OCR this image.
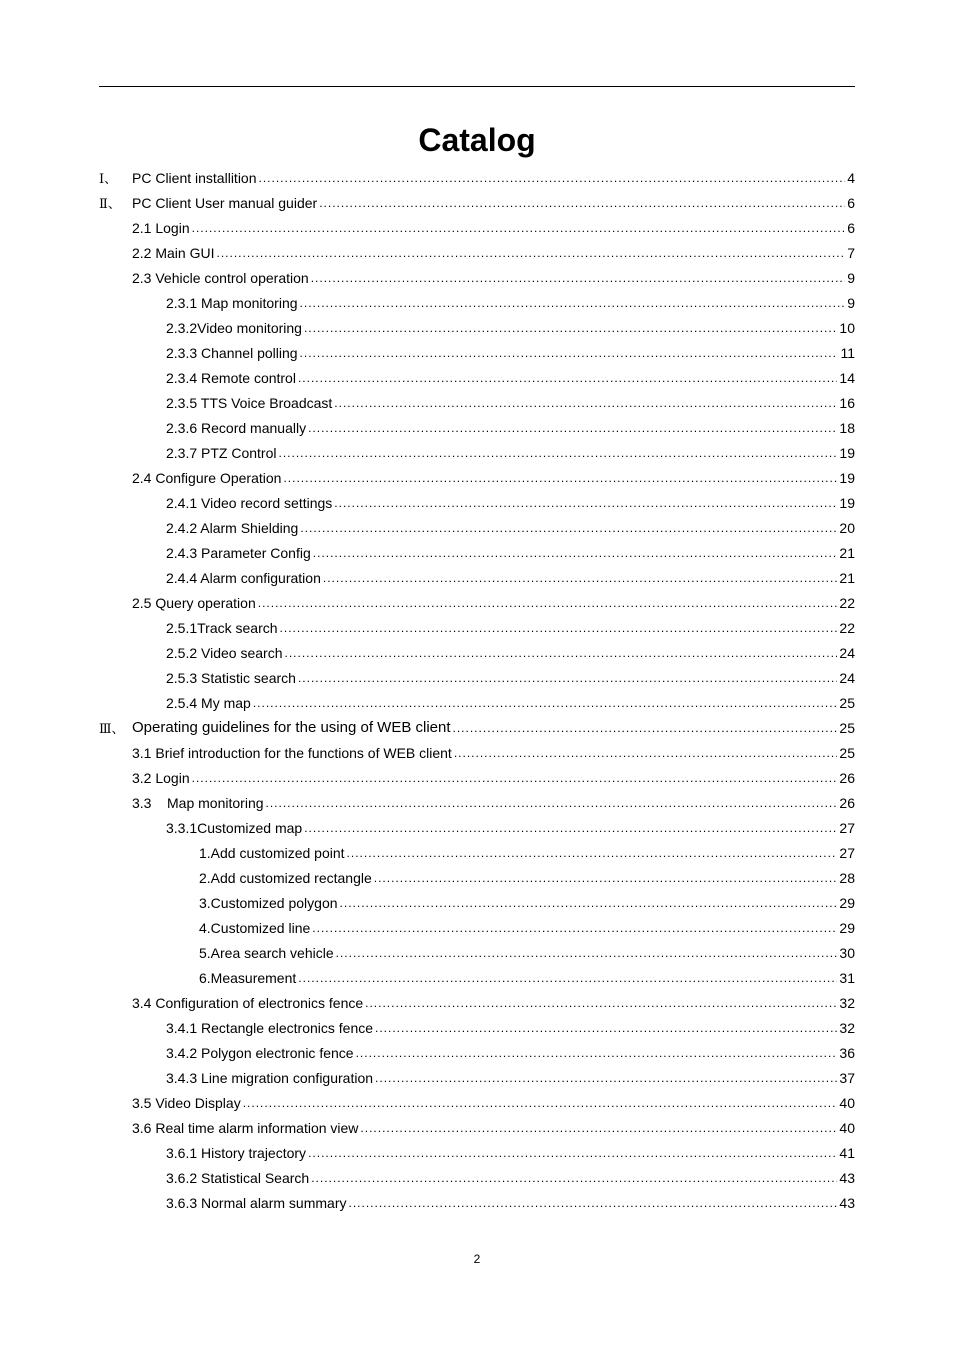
Catalog
Ⅰ、	PC Client installition .....	4
Ⅱ、 PC Client User manual guider .....	6
2.1 Login .....	6
2.2 Main GUI .....	7
2.3 Vehicle control operation .....	9
2.3.1 Map monitoring .....	9
2.3.2Video monitoring .....	10
2.3.3 Channel polling .....	11
2.3.4 Remote control .....	14
2.3.5 TTS Voice Broadcast .....	16
2.3.6 Record manually .....	18
2.3.7 PTZ Control .....	19
2.4 Configure Operation .....	19
2.4.1 Video record settings .....	19
2.4.2 Alarm Shielding .....	20
2.4.3 Parameter Config .....	21
2.4.4 Alarm configuration .....	21
2.5 Query operation .....	22
2.5.1Track search .....	22
2.5.2 Video search .....	24
2.5.3 Statistic search .....	24
2.5.4 My map .....	25
Ⅲ、 Operating guidelines for the using of WEB client .....	25
3.1 Brief introduction for the functions of WEB client .....	25
3.2 Login .....	26
3.3    Map monitoring .....	26
3.3.1Customized map .....	27
1.Add customized point .....	27
2.Add customized rectangle .....	28
3.Customized polygon .....	29
4.Customized line .....	29
5.Area search vehicle .....	30
6.Measurement .....	31
3.4 Configuration of electronics fence .....	32
3.4.1 Rectangle electronics fence .....	32
3.4.2 Polygon electronic fence .....	36
3.4.3 Line migration configuration .....	37
3.5 Video Display .....	40
3.6 Real time alarm information view .....	40
3.6.1 History trajectory .....	41
3.6.2 Statistical Search .....	43
3.6.3 Normal alarm summary .....	43
2
